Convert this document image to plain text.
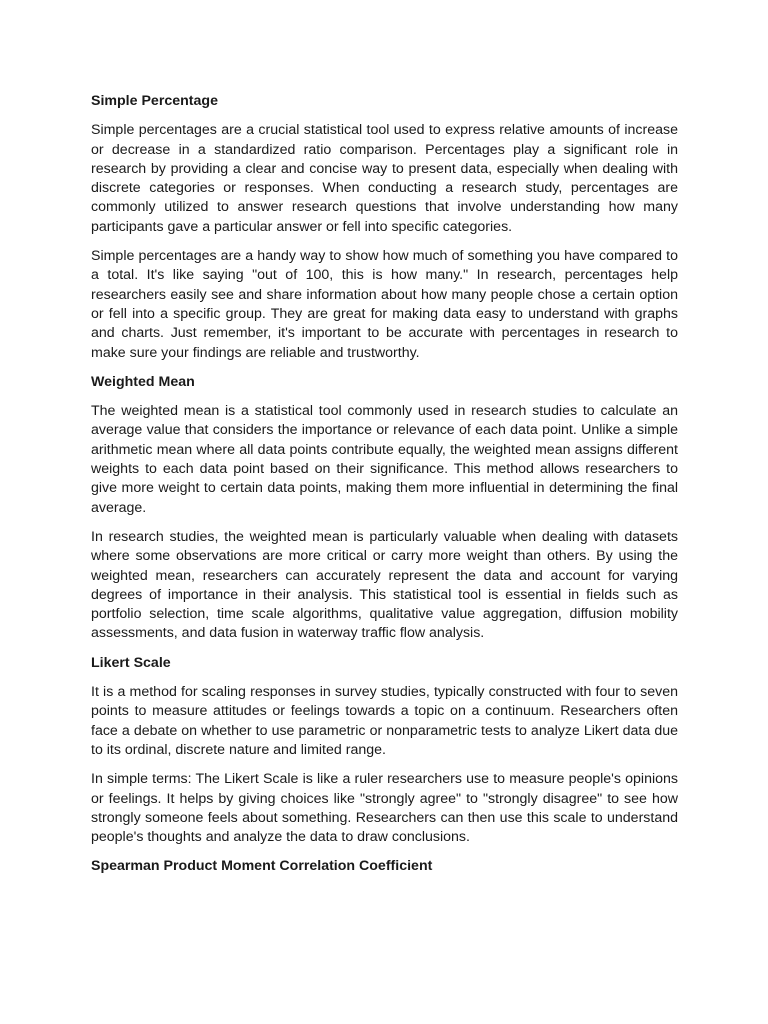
Simple Percentage

Simple percentages are a crucial statistical tool used to express relative amounts of increase or decrease in a standardized ratio comparison. Percentages play a significant role in research by providing a clear and concise way to present data, especially when dealing with discrete categories or responses. When conducting a research study, percentages are commonly utilized to answer research questions that involve understanding how many participants gave a particular answer or fell into specific categories.

Simple percentages are a handy way to show how much of something you have compared to a total. It's like saying "out of 100, this is how many." In research, percentages help researchers easily see and share information about how many people chose a certain option or fell into a specific group. They are great for making data easy to understand with graphs and charts. Just remember, it's important to be accurate with percentages in research to make sure your findings are reliable and trustworthy.

Weighted Mean

The weighted mean is a statistical tool commonly used in research studies to calculate an average value that considers the importance or relevance of each data point. Unlike a simple arithmetic mean where all data points contribute equally, the weighted mean assigns different weights to each data point based on their significance. This method allows researchers to give more weight to certain data points, making them more influential in determining the final average.

In research studies, the weighted mean is particularly valuable when dealing with datasets where some observations are more critical or carry more weight than others. By using the weighted mean, researchers can accurately represent the data and account for varying degrees of importance in their analysis. This statistical tool is essential in fields such as portfolio selection, time scale algorithms, qualitative value aggregation, diffusion mobility assessments, and data fusion in waterway traffic flow analysis.

Likert Scale

It is a method for scaling responses in survey studies, typically constructed with four to seven points to measure attitudes or feelings towards a topic on a continuum. Researchers often face a debate on whether to use parametric or nonparametric tests to analyze Likert data due to its ordinal, discrete nature and limited range.

In simple terms: The Likert Scale is like a ruler researchers use to measure people's opinions or feelings. It helps by giving choices like "strongly agree" to "strongly disagree" to see how strongly someone feels about something. Researchers can then use this scale to understand people's thoughts and analyze the data to draw conclusions.

Spearman Product Moment Correlation Coefficient
